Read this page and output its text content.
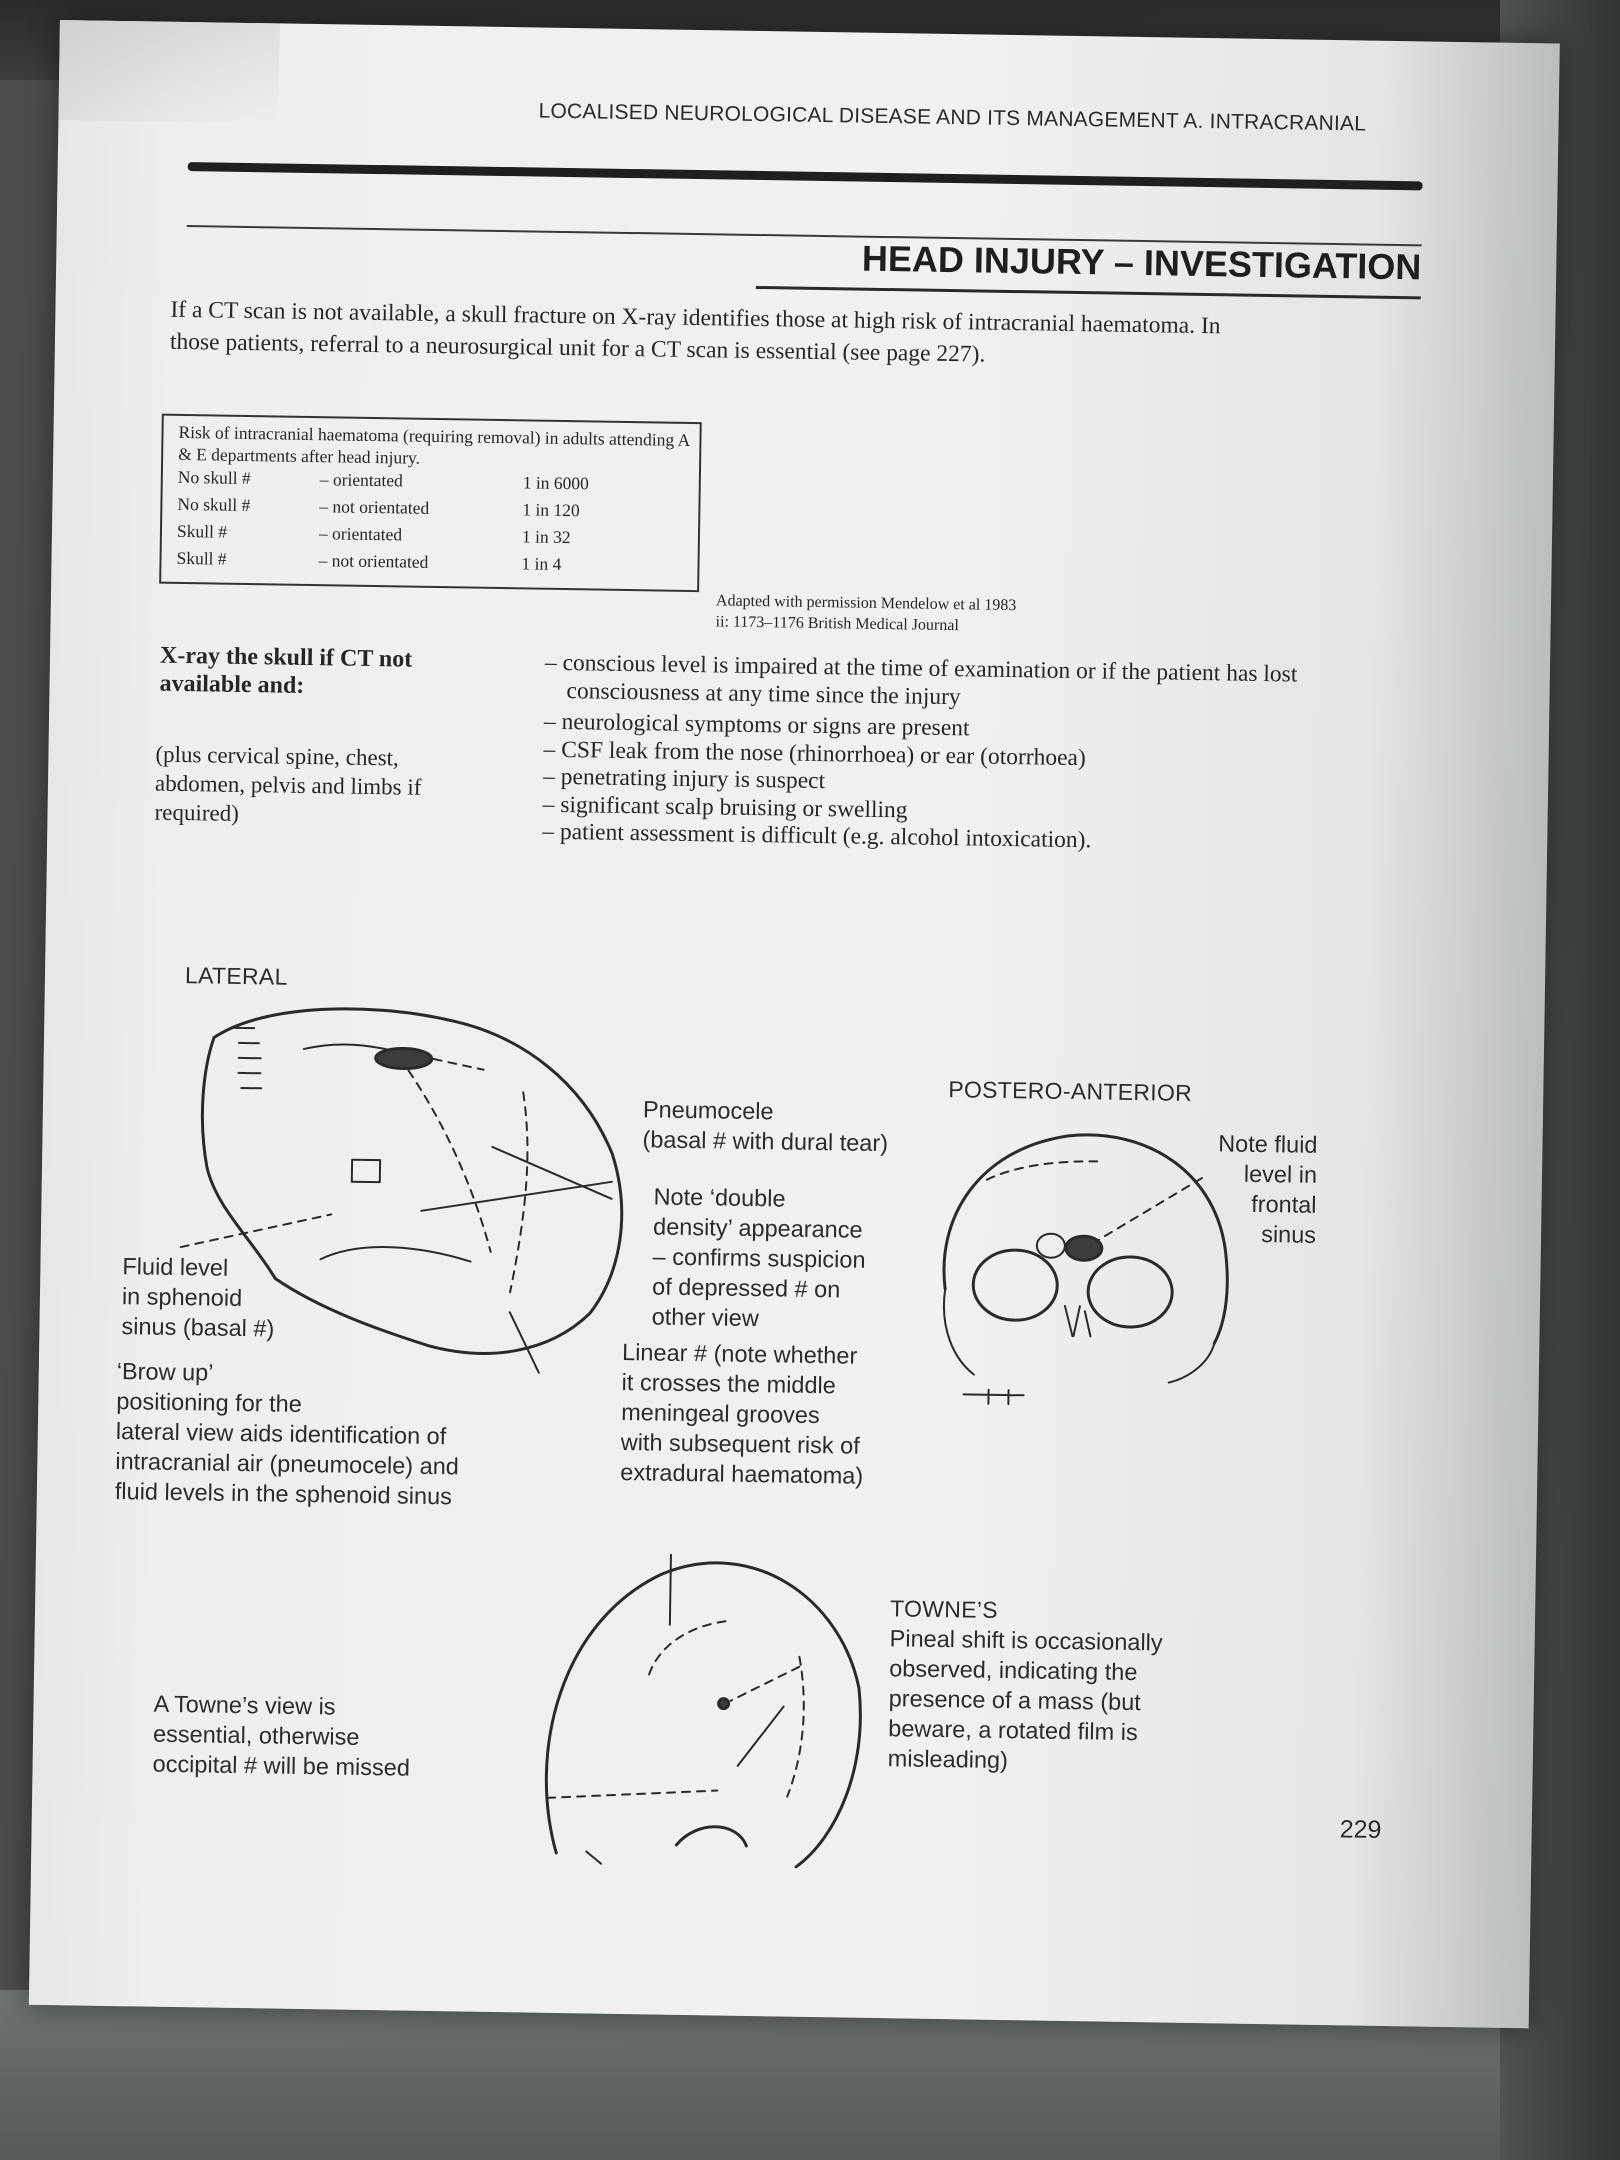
LOCALISED NEUROLOGICAL DISEASE AND ITS MANAGEMENT A. INTRACRANIAL
HEAD INJURY – INVESTIGATION
If a CT scan is not available, a skull fracture on X-ray identifies those at high risk of intracranial haematoma. In those patients, referral to a neurosurgical unit for a CT scan is essential (see page 227).
Risk of intracranial haematoma (requiring removal) in adults attending A & E departments after head injury.
No skull #	– orientated	1 in 6000
No skull #	– not orientated	1 in 120
Skull #	– orientated	1 in 32
Skull #	– not orientated	1 in 4
Adapted with permission Mendelow et al 1983
ii: 1173–1176 British Medical Journal
X-ray the skull if CT not available and:
(plus cervical spine, chest, abdomen, pelvis and limbs if required)
– conscious level is impaired at the time of examination or if the patient has lost consciousness at any time since the injury
– neurological symptoms or signs are present
– CSF leak from the nose (rhinorrhoea) or ear (otorrhoea)
– penetrating injury is suspect
– significant scalp bruising or swelling
– patient assessment is difficult (e.g. alcohol intoxication).
LATERAL
Pneumocele
(basal # with dural tear)
Note ‘double
density’ appearance
– confirms suspicion
of depressed # on
other view
Fluid level
in sphenoid
sinus (basal #)
Linear # (note whether
it crosses the middle
meningeal grooves
with subsequent risk of
extradural haematoma)
‘Brow up’
positioning for the
lateral view aids identification of
intracranial air (pneumocele) and
fluid levels in the sphenoid sinus
POSTERO-ANTERIOR
Note fluid
level in
frontal
sinus
TOWNE’S
Pineal shift is occasionally
observed, indicating the
presence of a mass (but
beware, a rotated film is
misleading)
A Towne’s view is
essential, otherwise
occipital # will be missed
229
